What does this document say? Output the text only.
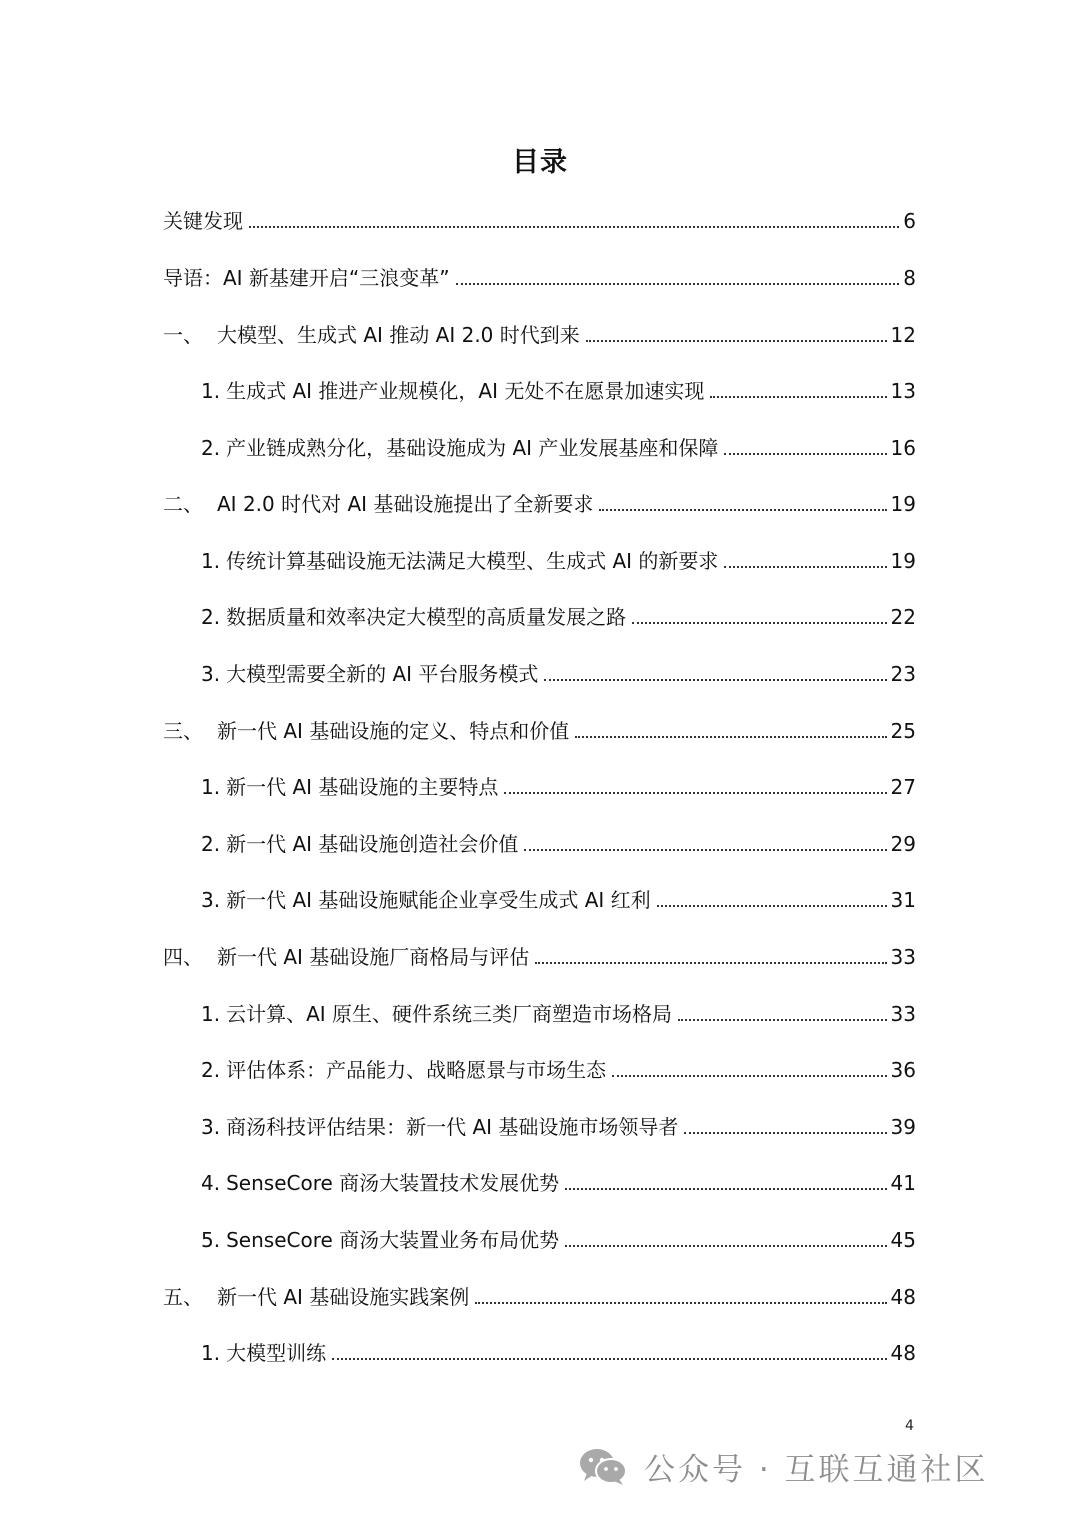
目录
关键发现	6
导语：AI 新基建开启“三浪变革”	8
一、 大模型、生成式 AI 推动 AI 2.0 时代到来	12
1. 生成式 AI 推进产业规模化，AI 无处不在愿景加速实现	13
2. 产业链成熟分化，基础设施成为 AI 产业发展基座和保障	16
二、 AI 2.0 时代对 AI 基础设施提出了全新要求	19
1. 传统计算基础设施无法满足大模型、生成式 AI 的新要求	19
2. 数据质量和效率决定大模型的高质量发展之路	22
3. 大模型需要全新的 AI 平台服务模式	23
三、 新一代 AI 基础设施的定义、特点和价值	25
1. 新一代 AI 基础设施的主要特点	27
2. 新一代 AI 基础设施创造社会价值	29
3. 新一代 AI 基础设施赋能企业享受生成式 AI 红利	31
四、 新一代 AI 基础设施厂商格局与评估	33
1. 云计算、AI 原生、硬件系统三类厂商塑造市场格局	33
2. 评估体系：产品能力、战略愿景与市场生态	36
3. 商汤科技评估结果：新一代 AI 基础设施市场领导者	39
4. SenseCore 商汤大装置技术发展优势	41
5. SenseCore 商汤大装置业务布局优势	45
五、 新一代 AI 基础设施实践案例	48
1. 大模型训练	48
4
公众号 · 互联互通社区
